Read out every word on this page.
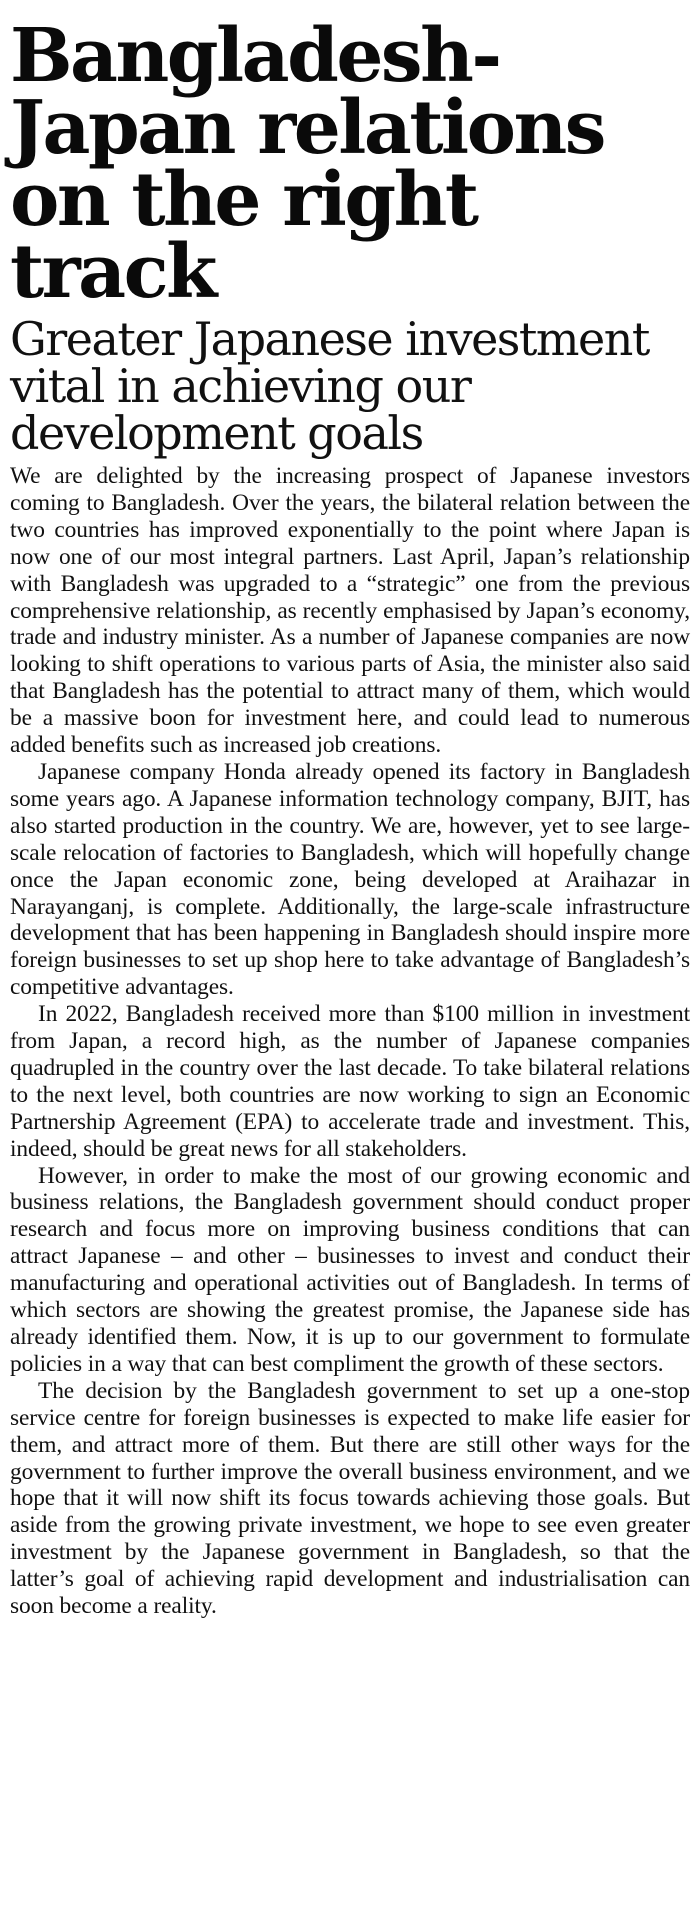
Bangladesh-Japan relations on the right track
Greater Japanese investment vital in achieving our development goals

We are delighted by the increasing prospect of Japanese investors coming to Bangladesh. Over the years, the bilateral relation between the two countries has improved exponentially to the point where Japan is now one of our most integral partners. Last April, Japan’s relationship with Bangladesh was upgraded to a “strategic” one from the previous comprehensive relationship, as recently emphasised by Japan’s economy, trade and industry minister. As a number of Japanese companies are now looking to shift operations to various parts of Asia, the minister also said that Bangladesh has the potential to attract many of them, which would be a massive boon for investment here, and could lead to numerous added benefits such as increased job creations.

Japanese company Honda already opened its factory in Bangladesh some years ago. A Japanese information technology company, BJIT, has also started production in the country. We are, however, yet to see large-scale relocation of factories to Bangladesh, which will hopefully change once the Japan economic zone, being developed at Araihazar in Narayanganj, is complete. Additionally, the large-scale infrastructure development that has been happening in Bangladesh should inspire more foreign businesses to set up shop here to take advantage of Bangladesh’s competitive advantages.

In 2022, Bangladesh received more than $100 million in investment from Japan, a record high, as the number of Japanese companies quadrupled in the country over the last decade. To take bilateral relations to the next level, both countries are now working to sign an Economic Partnership Agreement (EPA) to accelerate trade and investment. This, indeed, should be great news for all stakeholders.

However, in order to make the most of our growing economic and business relations, the Bangladesh government should conduct proper research and focus more on improving business conditions that can attract Japanese – and other – businesses to invest and conduct their manufacturing and operational activities out of Bangladesh. In terms of which sectors are showing the greatest promise, the Japanese side has already identified them. Now, it is up to our government to formulate policies in a way that can best compliment the growth of these sectors.

The decision by the Bangladesh government to set up a one-stop service centre for foreign businesses is expected to make life easier for them, and attract more of them. But there are still other ways for the government to further improve the overall business environment, and we hope that it will now shift its focus towards achieving those goals. But aside from the growing private investment, we hope to see even greater investment by the Japanese government in Bangladesh, so that the latter’s goal of achieving rapid development and industrialisation can soon become a reality.
